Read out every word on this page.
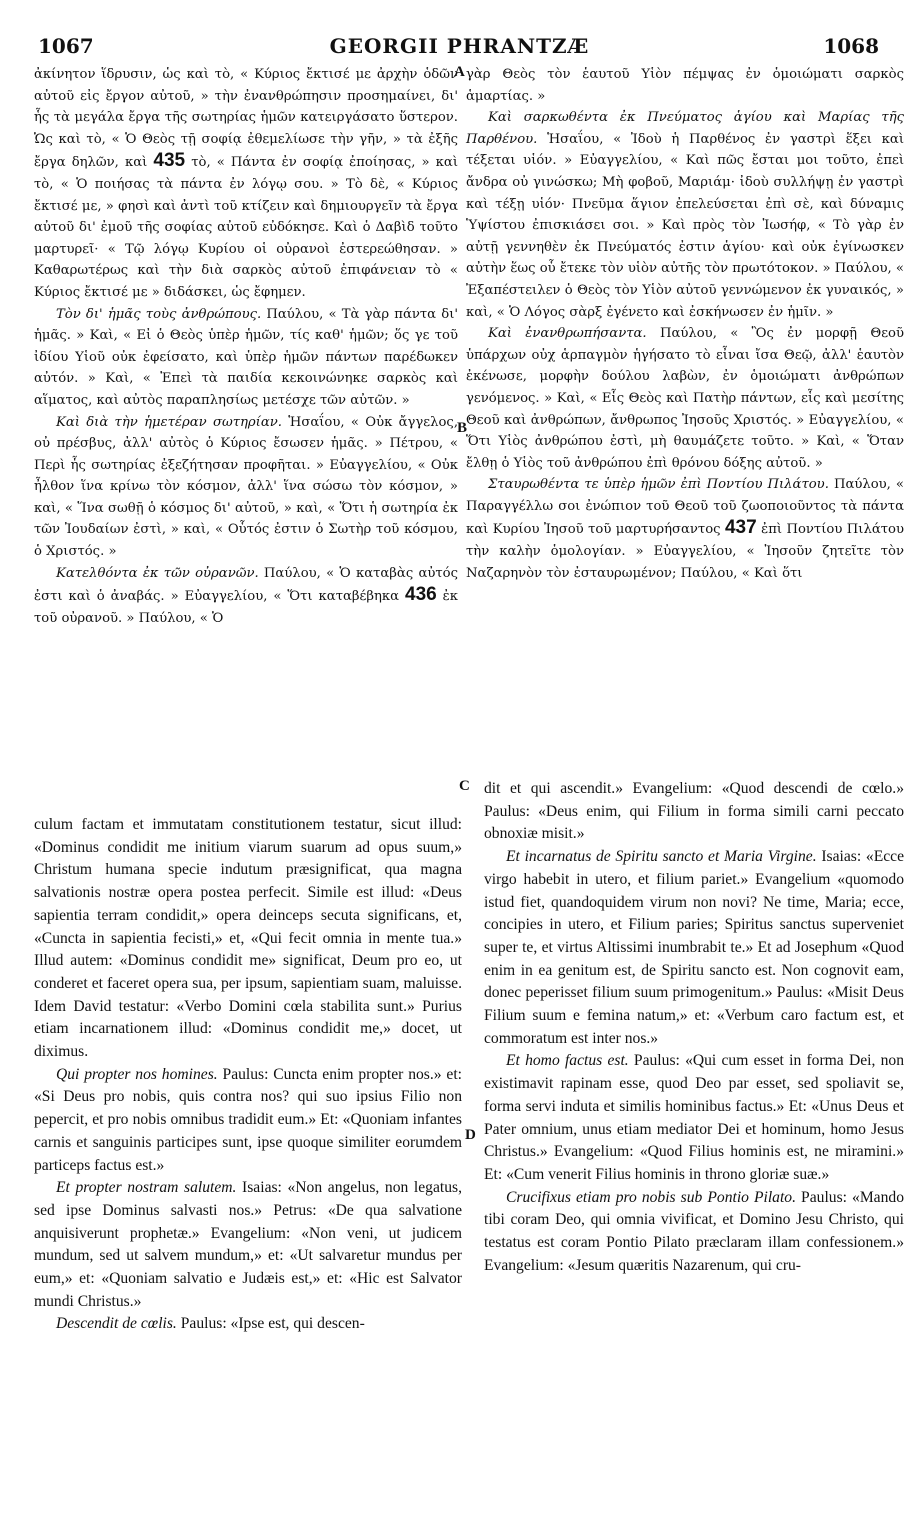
1067	GEORGII PHRANTZÆ	1068
A
B
C
D

ἀκίνητον ἵδρυσιν, ὡς καὶ τὸ, « Κύριος ἔκτισέ με ἀρχὴν ὁδῶν αὐτοῦ εἰς ἔργον αὐτοῦ, » τὴν ἐνανθρώπησιν προσημαίνει, δι' ἧς τὰ μεγάλα ἔργα τῆς σωτηρίας ἡμῶν κατειργάσατο ὕστερον. Ὡς καὶ τὸ, « Ὁ Θεὸς τῇ σοφίᾳ ἐθεμελίωσε τὴν γῆν, » τὰ ἐξῆς ἔργα δηλῶν, καὶ 435 τὸ, « Πάντα ἐν σοφίᾳ ἐποίησας, » καὶ τὸ, « Ὁ ποιήσας τὰ πάντα ἐν λόγῳ σου. » Τὸ δὲ, « Κύριος ἔκτισέ με, » φησὶ καὶ ἀντὶ τοῦ κτίζειν καὶ δημιουργεῖν τὰ ἔργα αὐτοῦ δι' ἐμοῦ τῆς σοφίας αὐτοῦ εὐδόκησε. Καὶ ὁ Δαβὶδ τοῦτο μαρτυρεῖ· « Τῷ λόγῳ Κυρίου οἱ οὐρανοὶ ἐστερεώθησαν. » Καθαρωτέρως καὶ τὴν διὰ σαρκὸς αὐτοῦ ἐπιφάνειαν τὸ « Κύριος ἔκτισέ με » διδάσκει, ὡς ἔφημεν.

Τὸν δι' ἡμᾶς τοὺς ἀνθρώπους. Παύλου, « Τὰ γὰρ πάντα δι' ἡμᾶς. » Καὶ, « Εἰ ὁ Θεὸς ὑπὲρ ἡμῶν, τίς καθ' ἡμῶν; ὅς γε τοῦ ἰδίου Υἱοῦ οὐκ ἐφείσατο, καὶ ὑπὲρ ἡμῶν πάντων παρέδωκεν αὐτόν. » Καὶ, « Ἐπεὶ τὰ παιδία κεκοινώνηκε σαρκὸς καὶ αἵματος, καὶ αὐτὸς παραπλησίως μετέσχε τῶν αὐτῶν. »

Καὶ διὰ τὴν ἡμετέραν σωτηρίαν. Ἡσαΐου, « Οὐκ ἄγγελος, οὐ πρέσβυς, ἀλλ' αὐτὸς ὁ Κύριος ἔσωσεν ἡμᾶς. » Πέτρου, « Περὶ ἧς σωτηρίας ἐξεζήτησαν προφῆται. » Εὐαγγελίου, « Οὐκ ἦλθον ἵνα κρίνω τὸν κόσμον, ἀλλ' ἵνα σώσω τὸν κόσμον, » καὶ, « Ἵνα σωθῇ ὁ κόσμος δι' αὐτοῦ, » καὶ, « Ὅτι ἡ σωτηρία ἐκ τῶν Ἰουδαίων ἐστὶ, » καὶ, « Οὗτός ἐστιν ὁ Σωτὴρ τοῦ κόσμου, ὁ Χριστός. »

Κατελθόντα ἐκ τῶν οὐρανῶν. Παύλου, « Ὁ καταβὰς αὐτός ἐστι καὶ ὁ ἀναβάς. » Εὐαγγελίου, « Ὅτι καταβέβηκα 436 ἐκ τοῦ οὐρανοῦ. » Παύλου, « Ὁ

γὰρ Θεὸς τὸν ἑαυτοῦ Υἱὸν πέμψας ἐν ὁμοιώματι σαρκὸς ἁμαρτίας. »

Καὶ σαρκωθέντα ἐκ Πνεύματος ἁγίου καὶ Μαρίας τῆς Παρθένου. Ἡσαΐου, « Ἰδοὺ ἡ Παρθένος ἐν γαστρὶ ἕξει καὶ τέξεται υἱόν. » Εὐαγγελίου, « Καὶ πῶς ἔσται μοι τοῦτο, ἐπεὶ ἄνδρα οὐ γινώσκω; Μὴ φοβοῦ, Μαριάμ· ἰδοὺ συλλήψῃ ἐν γαστρὶ καὶ τέξῃ υἱόν· Πνεῦμα ἅγιον ἐπελεύσεται ἐπὶ σὲ, καὶ δύναμις Ὑψίστου ἐπισκιάσει σοι. » Καὶ πρὸς τὸν Ἰωσήφ, « Τὸ γὰρ ἐν αὐτῇ γεννηθὲν ἐκ Πνεύματός ἐστιν ἁγίου· καὶ οὐκ ἐγίνωσκεν αὐτὴν ἕως οὗ ἔτεκε τὸν υἱὸν αὐτῆς τὸν πρωτότοκον. » Παύλου, « Ἐξαπέστειλεν ὁ Θεὸς τὸν Υἱὸν αὐτοῦ γεννώμενον ἐκ γυναικός, » καὶ, « Ὁ Λόγος σὰρξ ἐγένετο καὶ ἐσκήνωσεν ἐν ἡμῖν. »

Καὶ ἐνανθρωπήσαντα. Παύλου, « Ὃς ἐν μορφῇ Θεοῦ ὑπάρχων οὐχ ἁρπαγμὸν ἡγήσατο τὸ εἶναι ἴσα Θεῷ, ἀλλ' ἑαυτὸν ἐκένωσε, μορφὴν δούλου λαβὼν, ἐν ὁμοιώματι ἀνθρώπων γενόμενος. » Καὶ, « Εἷς Θεὸς καὶ Πατὴρ πάντων, εἷς καὶ μεσίτης Θεοῦ καὶ ἀνθρώπων, ἄνθρωπος Ἰησοῦς Χριστός. » Εὐαγγελίου, « Ὅτι Υἱὸς ἀνθρώπου ἐστὶ, μὴ θαυμάζετε τοῦτο. » Καὶ, « Ὅταν ἔλθῃ ὁ Υἱὸς τοῦ ἀνθρώπου ἐπὶ θρόνου δόξης αὐτοῦ. »

Σταυρωθέντα τε ὑπὲρ ἡμῶν ἐπὶ Ποντίου Πιλάτου. Παύλου, « Παραγγέλλω σοι ἐνώπιον τοῦ Θεοῦ τοῦ ζωοποιοῦντος τὰ πάντα καὶ Κυρίου Ἰησοῦ τοῦ μαρτυρήσαντος 437 ἐπὶ Ποντίου Πιλάτου τὴν καλὴν ὁμολογίαν. » Εὐαγγελίου, « Ἰησοῦν ζητεῖτε τὸν Ναζαρηνὸν τὸν ἐσταυρωμένον; Παύλου, « Καὶ ὅτι

culum factam et immutatam constitutionem testatur, sicut illud: «Dominus condidit me initium viarum suarum ad opus suum,» Christum humana specie indutum præsignificat, qua magna salvationis nostræ opera postea perfecit. Simile est illud: «Deus sapientia terram condidit,» opera deinceps secuta significans, et, «Cuncta in sapientia fecisti,» et, «Qui fecit omnia in mente tua.» Illud autem: «Dominus condidit me» significat, Deum pro eo, ut conderet et faceret opera sua, per ipsum, sapientiam suam, maluisse. Idem David testatur: «Verbo Domini cœla stabilita sunt.» Purius etiam incarnationem illud: «Dominus condidit me,» docet, ut diximus.

Qui propter nos homines. Paulus: Cuncta enim propter nos.» et: «Si Deus pro nobis, quis contra nos? qui suo ipsius Filio non pepercit, et pro nobis omnibus tradidit eum.» Et: «Quoniam infantes carnis et sanguinis participes sunt, ipse quoque similiter eorumdem particeps factus est.»

Et propter nostram salutem. Isaias: «Non angelus, non legatus, sed ipse Dominus salvasti nos.» Petrus: «De qua salvatione anquisiverunt prophetæ.» Evangelium: «Non veni, ut judicem mundum, sed ut salvem mundum,» et: «Ut salvaretur mundus per eum,» et: «Quoniam salvatio e Judæis est,» et: «Hic est Salvator mundi Christus.»

Descendit de cœlis. Paulus: «Ipse est, qui descen-

dit et qui ascendit.» Evangelium: «Quod descendi de cœlo.» Paulus: «Deus enim, qui Filium in forma simili carni peccato obnoxiæ misit.»

Et incarnatus de Spiritu sancto et Maria Virgine. Isaias: «Ecce virgo habebit in utero, et filium pariet.» Evangelium «quomodo istud fiet, quandoquidem virum non novi? Ne time, Maria; ecce, concipies in utero, et Filium paries; Spiritus sanctus superveniet super te, et virtus Altissimi inumbrabit te.» Et ad Josephum «Quod enim in ea genitum est, de Spiritu sancto est. Non cognovit eam, donec peperisset filium suum primogenitum.» Paulus: «Misit Deus Filium suum e femina natum,» et: «Verbum caro factum est, et commoratum est inter nos.»

Et homo factus est. Paulus: «Qui cum esset in forma Dei, non existimavit rapinam esse, quod Deo par esset, sed spoliavit se, forma servi induta et similis hominibus factus.» Et: «Unus Deus et Pater omnium, unus etiam mediator Dei et hominum, homo Jesus Christus.» Evangelium: «Quod Filius hominis est, ne miramini.» Et: «Cum venerit Filius hominis in throno gloriæ suæ.»

Crucifixus etiam pro nobis sub Pontio Pilato. Paulus: «Mando tibi coram Deo, qui omnia vivificat, et Domino Jesu Christo, qui testatus est coram Pontio Pilato præclaram illam confessionem.» Evangelium: «Jesum quæritis Nazarenum, qui cru-
